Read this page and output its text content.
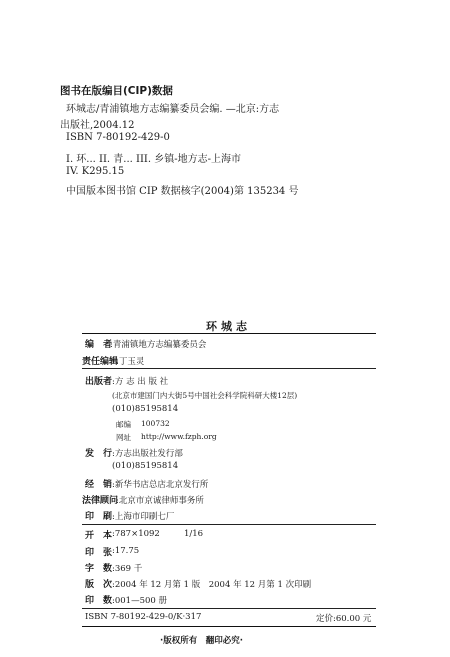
图书在版编目(CIP)数据
环城志/青浦镇地方志编纂委员会编. —北京:方志
出版社,2004.12
ISBN 7-80192-429-0
I. 环... II. 青... III. 乡镇-地方志-上海市
IV. K295.15
中国版本图书馆 CIP 数据核字(2004)第 135234 号
环城志
编　者
:青浦镇地方志编纂委员会
责任编辑
:丁玉灵
出版者 :方 志 出 版 社
(北京市建国门内大街5号中国社会科学院科研大楼12层)
(010)85195814
邮编 100732
网址 http://www.fzph.org
发　行 :方志出版社发行部
(010)85195814
经　销 :新华书店总店北京发行所
法律顾问
:北京市京诚律师事务所
印　刷 :上海市印刷七厂
开　本 :787×1092	1/16
印　张 :17.75
字　数 :369 千
版　次 :2004 年 12 月第 1 版　2004 年 12 月第 1 次印刷
印　数 :001—500 册
ISBN 7-80192-429-0/K·317	定价:60.00 元
·版权所有　翻印必究·
